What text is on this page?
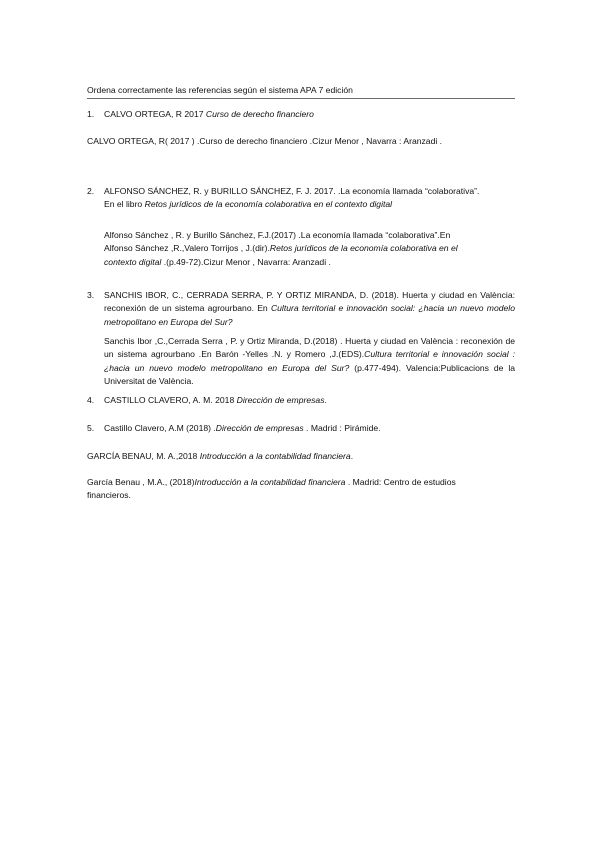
Ordena correctamente las referencias según el sistema APA 7 edición
1.	CALVO ORTEGA, R 2017 Curso de derecho financiero
CALVO ORTEGA, R( 2017 ) .Curso de derecho financiero .Cizur Menor , Navarra : Aranzadi .
2.	ALFONSO SÁNCHEZ, R. y BURILLO SÁNCHEZ, F. J. 2017. .La economía llamada “colaborativa”.
En el libro Retos jurídicos de la economía colaborativa en el contexto digital
Alfonso Sánchez , R. y Burillo Sánchez, F.J.(2017) .La economía llamada “colaborativa”.En
Alfonso Sánchez ,R.,Valero Torrijos , J.(dir).Retos jurídicos de la economía colaborativa en el
contexto digital .(p.49-72).Cizur Menor , Navarra: Aranzadi .
3.	SANCHIS IBOR, C., CERRADA SERRA, P. Y ORTIZ MIRANDA, D. (2018). Huerta y ciudad en València: reconexión de un sistema agrourbano. En Cultura territorial e innovación social: ¿hacia un nuevo modelo metropolitano en Europa del Sur?
Sanchis Ibor ,C.,Cerrada Serra , P. y Ortiz Miranda, D.(2018) . Huerta y ciudad en València : reconexión de un sistema agrourbano .En Barón -Yelles .N. y Romero ,J.(EDS).Cultura territorial e innovación social :¿hacia un nuevo modelo metropolitano en Europa del Sur? (p.477-494). Valencia:Publicacions de la Universitat de València.
4.	CASTILLO CLAVERO, A. M. 2018 Dirección de empresas.
5.	Castillo Clavero, A.M (2018) .Dirección de empresas . Madrid : Pirámide.
GARCÍA BENAU, M. A.,2018 Introducción a la contabilidad financiera.
García Benau , M.A., (2018)Introducción a la contabilidad financiera . Madrid: Centro de estudios financieros.
